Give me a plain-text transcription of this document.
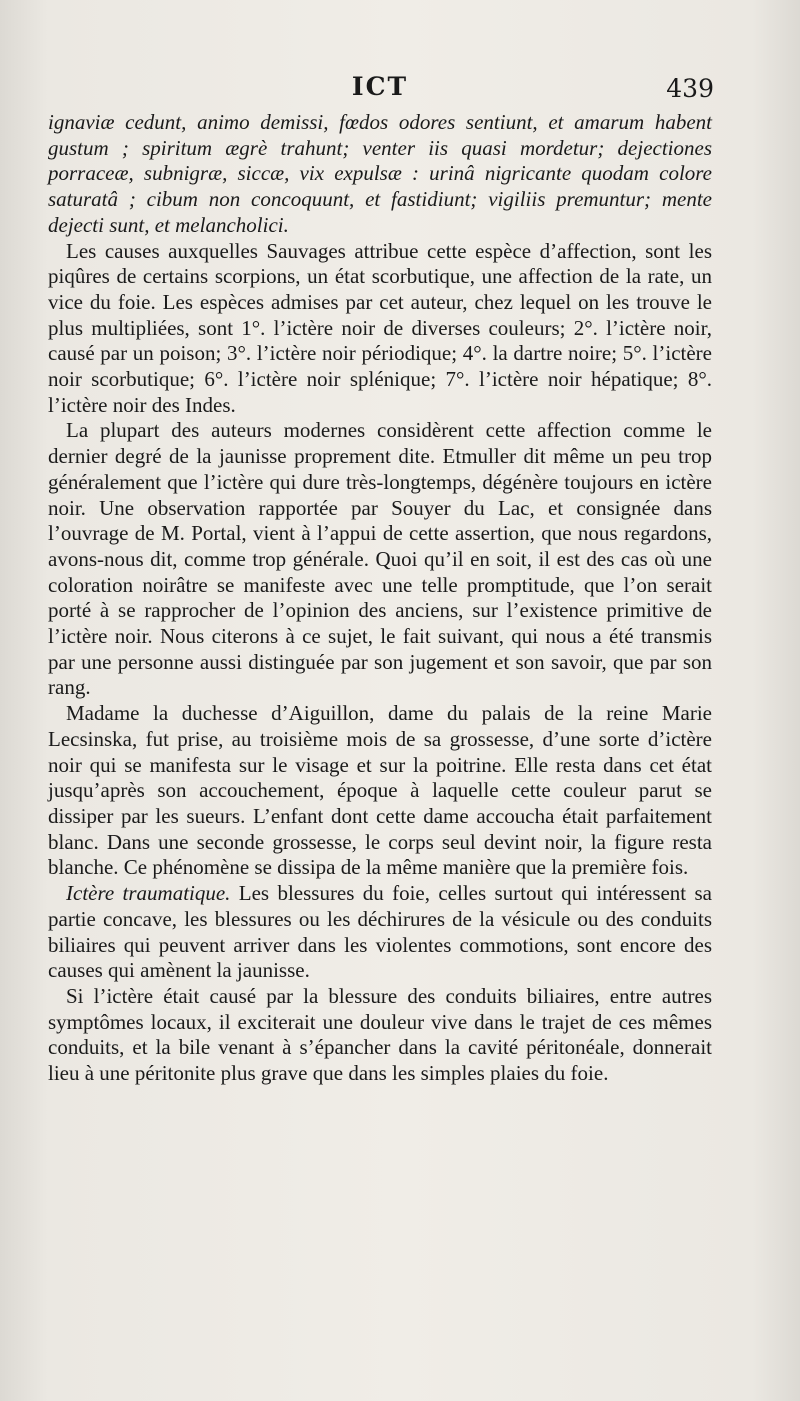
ICT	439

ignaviæ cedunt, animo demissi, fœdos odores sentiunt, et amarum habent gustum ; spiritum ægrè trahunt; venter iis quasi mordetur; dejectiones porraceæ, subnigræ, siccæ, vix expulsæ : urinâ nigricante quodam colore saturatâ ; cibum non concoquunt, et fastidiunt; vigiliis premuntur; mente dejecti sunt, et melancholici.

Les causes auxquelles Sauvages attribue cette espèce d’affection, sont les piqûres de certains scorpions, un état scorbutique, une affection de la rate, un vice du foie. Les espèces admises par cet auteur, chez lequel on les trouve le plus multipliées, sont 1°. l’ictère noir de diverses couleurs; 2°. l’ictère noir, causé par un poison; 3°. l’ictère noir périodique; 4°. la dartre noire; 5°. l’ictère noir scorbutique; 6°. l’ictère noir splénique; 7°. l’ictère noir hépatique; 8°. l’ictère noir des Indes.

La plupart des auteurs modernes considèrent cette affection comme le dernier degré de la jaunisse proprement dite. Etmuller dit même un peu trop généralement que l’ictère qui dure très-longtemps, dégénère toujours en ictère noir. Une observation rapportée par Souyer du Lac, et consignée dans l’ouvrage de M. Portal, vient à l’appui de cette assertion, que nous regardons, avons-nous dit, comme trop générale. Quoi qu’il en soit, il est des cas où une coloration noirâtre se manifeste avec une telle promptitude, que l’on serait porté à se rapprocher de l’opinion des anciens, sur l’existence primitive de l’ictère noir. Nous citerons à ce sujet, le fait suivant, qui nous a été transmis par une personne aussi distinguée par son jugement et son savoir, que par son rang.

Madame la duchesse d’Aiguillon, dame du palais de la reine Marie Lecsinska, fut prise, au troisième mois de sa grossesse, d’une sorte d’ictère noir qui se manifesta sur le visage et sur la poitrine. Elle resta dans cet état jusqu’après son accouchement, époque à laquelle cette couleur parut se dissiper par les sueurs. L’enfant dont cette dame accoucha était parfaitement blanc. Dans une seconde grossesse, le corps seul devint noir, la figure resta blanche. Ce phénomène se dissipa de la même manière que la première fois.

Ictère traumatique. Les blessures du foie, celles surtout qui intéressent sa partie concave, les blessures ou les déchirures de la vésicule ou des conduits biliaires qui peuvent arriver dans les violentes commotions, sont encore des causes qui amènent la jaunisse.

Si l’ictère était causé par la blessure des conduits biliaires, entre autres symptômes locaux, il exciterait une douleur vive dans le trajet de ces mêmes conduits, et la bile venant à s’épancher dans la cavité péritonéale, donnerait lieu à une péritonite plus grave que dans les simples plaies du foie.
